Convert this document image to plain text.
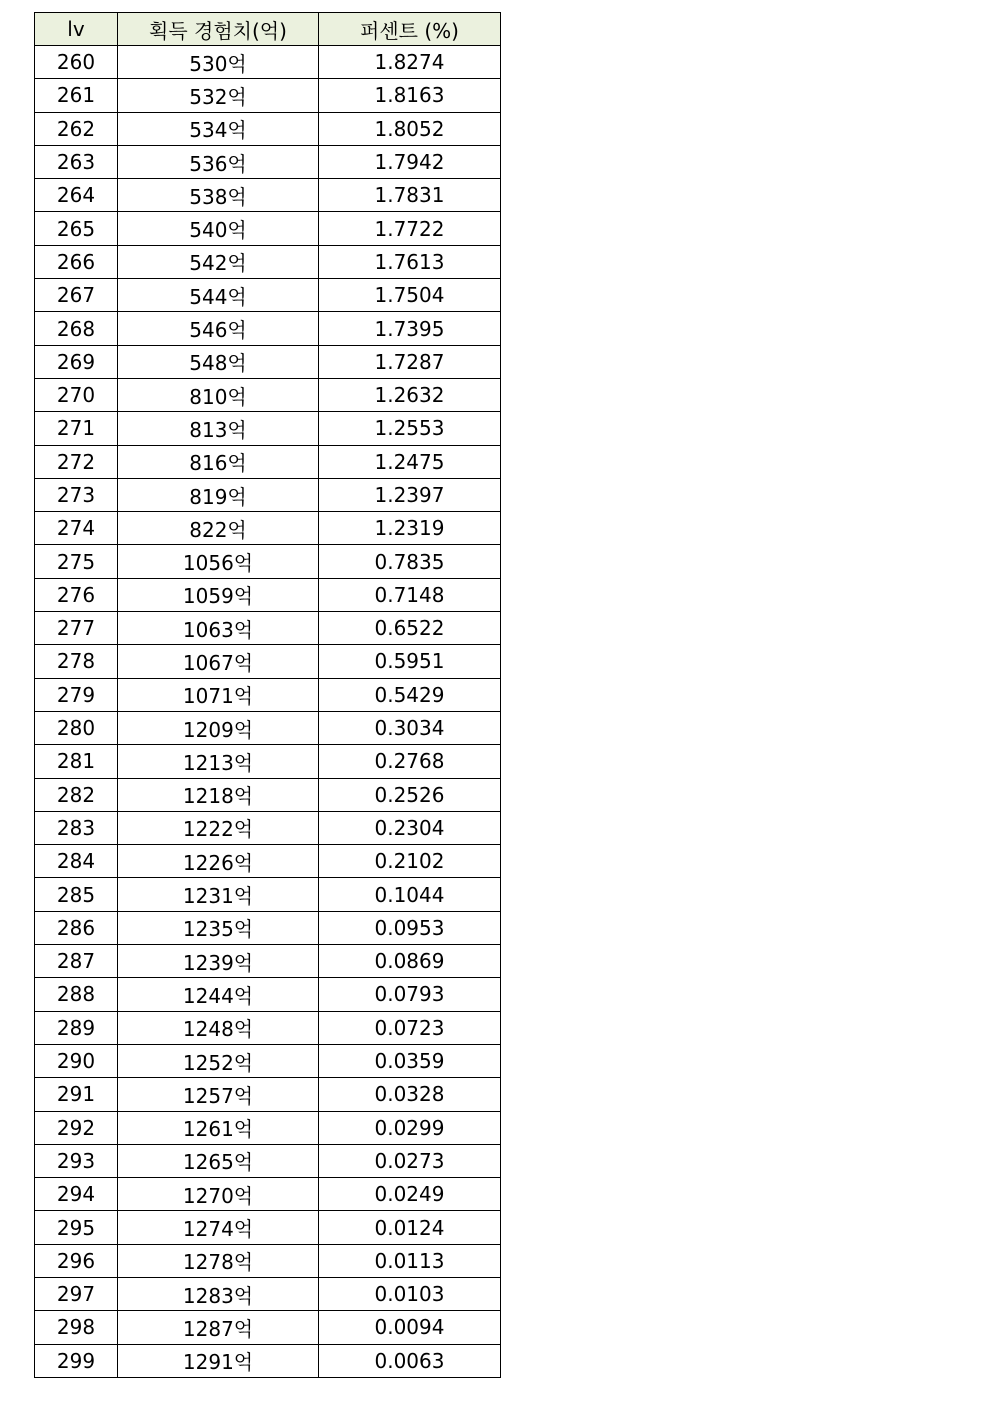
lv	획득 경험치(억)	퍼센트 (%)
260	530억	1.8274
261	532억	1.8163
262	534억	1.8052
263	536억	1.7942
264	538억	1.7831
265	540억	1.7722
266	542억	1.7613
267	544억	1.7504
268	546억	1.7395
269	548억	1.7287
270	810억	1.2632
271	813억	1.2553
272	816억	1.2475
273	819억	1.2397
274	822억	1.2319
275	1056억	0.7835
276	1059억	0.7148
277	1063억	0.6522
278	1067억	0.5951
279	1071억	0.5429
280	1209억	0.3034
281	1213억	0.2768
282	1218억	0.2526
283	1222억	0.2304
284	1226억	0.2102
285	1231억	0.1044
286	1235억	0.0953
287	1239억	0.0869
288	1244억	0.0793
289	1248억	0.0723
290	1252억	0.0359
291	1257억	0.0328
292	1261억	0.0299
293	1265억	0.0273
294	1270억	0.0249
295	1274억	0.0124
296	1278억	0.0113
297	1283억	0.0103
298	1287억	0.0094
299	1291억	0.0063
